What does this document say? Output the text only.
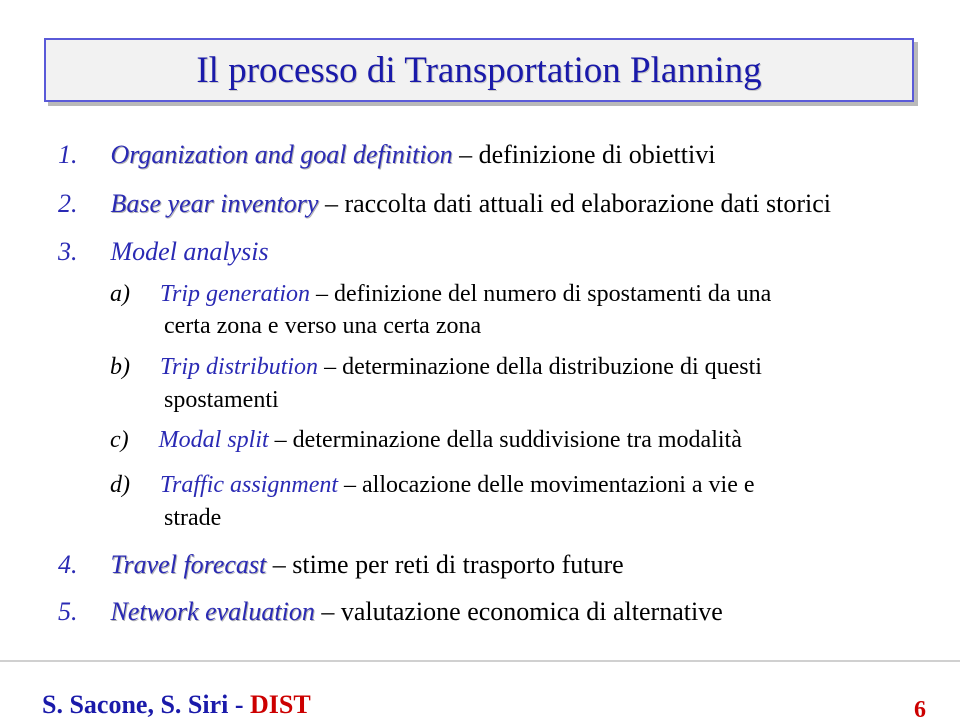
Il processo di Transportation Planning
1. Organization and goal definition – definizione di obiettivi
2. Base year inventory – raccolta dati attuali ed elaborazione dati storici
3. Model analysis
a) Trip generation – definizione del numero di spostamenti da una
certa zona e verso una certa zona
b) Trip distribution – determinazione della distribuzione di questi
spostamenti
c) Modal split – determinazione della suddivisione tra modalità
d) Traffic assignment – allocazione delle movimentazioni a vie e
strade
4. Travel forecast – stime per reti di trasporto future
5. Network evaluation – valutazione economica di alternative
S. Sacone, S. Siri - DIST	6
